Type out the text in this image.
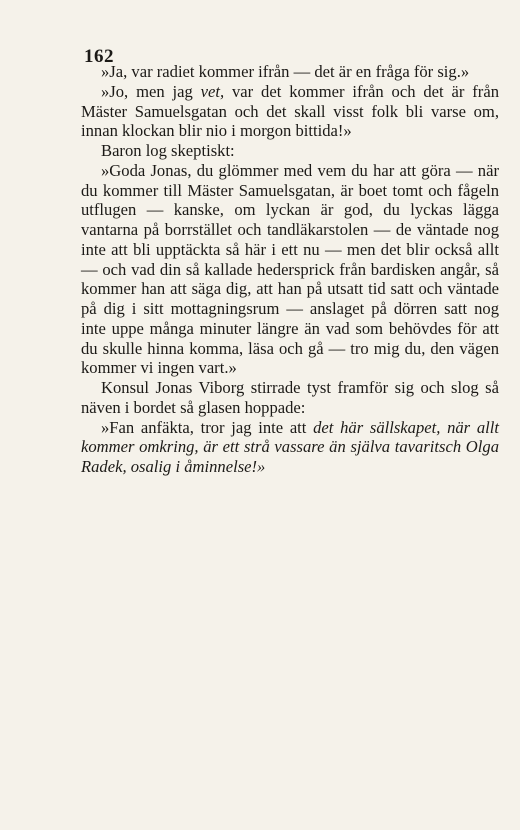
162

»Ja, var radiet kommer ifrån — det är en fråga för sig.»

»Jo, men jag vet, var det kommer ifrån och det är från Mäster Samuelsgatan och det skall visst folk bli varse om, innan klockan blir nio i morgon bittida!»

Baron log skeptiskt:

»Goda Jonas, du glömmer med vem du har att göra — när du kommer till Mäster Samuelsgatan, är boet tomt och fågeln utflugen — kanske, om lyckan är god, du lyckas lägga vantarna på borrstället och tandläkarstolen — de väntade nog inte att bli upptäckta så här i ett nu — men det blir också allt — och vad din så kallade hedersprick från bardisken angår, så kommer han att säga dig, att han på utsatt tid satt och väntade på dig i sitt mottagningsrum — anslaget på dörren satt nog inte uppe många minuter längre än vad som behövdes för att du skulle hinna komma, läsa och gå — tro mig du, den vägen kommer vi ingen vart.»

Konsul Jonas Viborg stirrade tyst framför sig och slog så näven i bordet så glasen hoppade:

»Fan anfäkta, tror jag inte att det här sällskapet, när allt kommer omkring, är ett strå vassare än själva tavaritsch Olga Radek, osalig i åminnelse!»
